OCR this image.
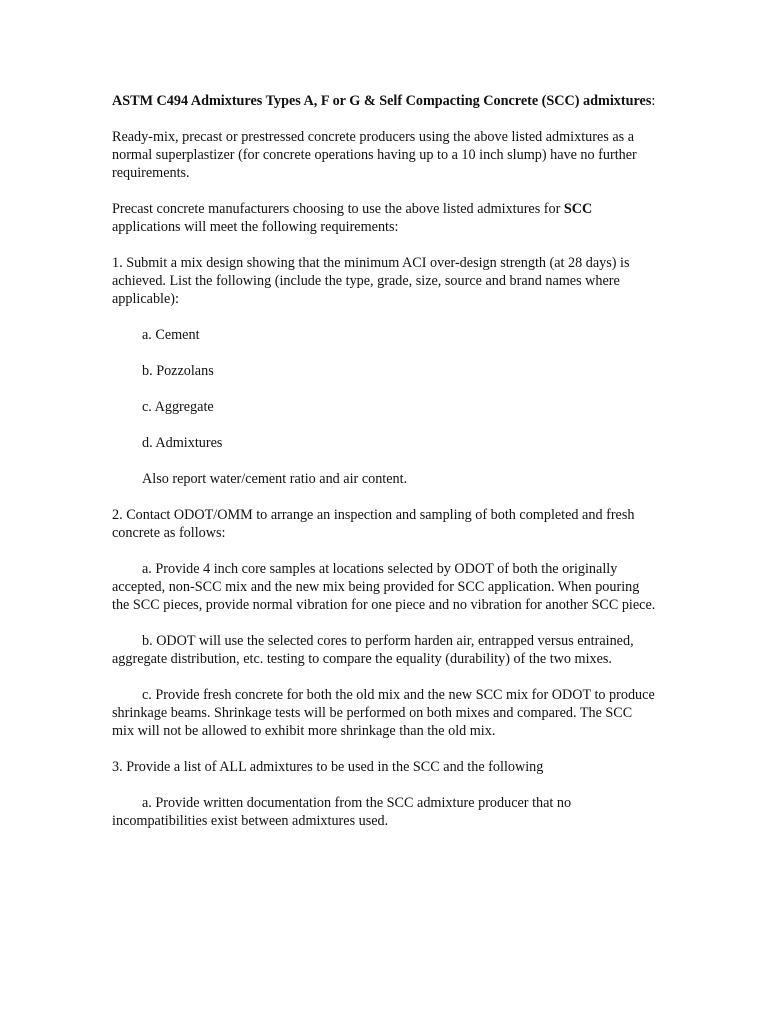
ASTM C494 Admixtures Types A, F or G & Self Compacting Concrete (SCC) admixtures:

Ready-mix, precast or prestressed concrete producers using the above listed admixtures as a normal superplastizer (for concrete operations having up to a 10 inch slump) have no further requirements.

Precast concrete manufacturers choosing to use the above listed admixtures for SCC applications will meet the following requirements:

1. Submit a mix design showing that the minimum ACI over-design strength (at 28 days) is achieved. List the following (include the type, grade, size, source and brand names where applicable):

a. Cement

b. Pozzolans

c. Aggregate

d. Admixtures

Also report water/cement ratio and air content.

2. Contact ODOT/OMM to arrange an inspection and sampling of both completed and fresh concrete as follows:

a. Provide 4 inch core samples at locations selected by ODOT of both the originally accepted, non-SCC mix and the new mix being provided for SCC application. When pouring the SCC pieces, provide normal vibration for one piece and no vibration for another SCC piece.

b. ODOT will use the selected cores to perform harden air, entrapped versus entrained, aggregate distribution, etc. testing to compare the equality (durability) of the two mixes.

c. Provide fresh concrete for both the old mix and the new SCC mix for ODOT to produce shrinkage beams. Shrinkage tests will be performed on both mixes and compared. The SCC mix will not be allowed to exhibit more shrinkage than the old mix.

3. Provide a list of ALL admixtures to be used in the SCC and the following

a. Provide written documentation from the SCC admixture producer that no incompatibilities exist between admixtures used.
